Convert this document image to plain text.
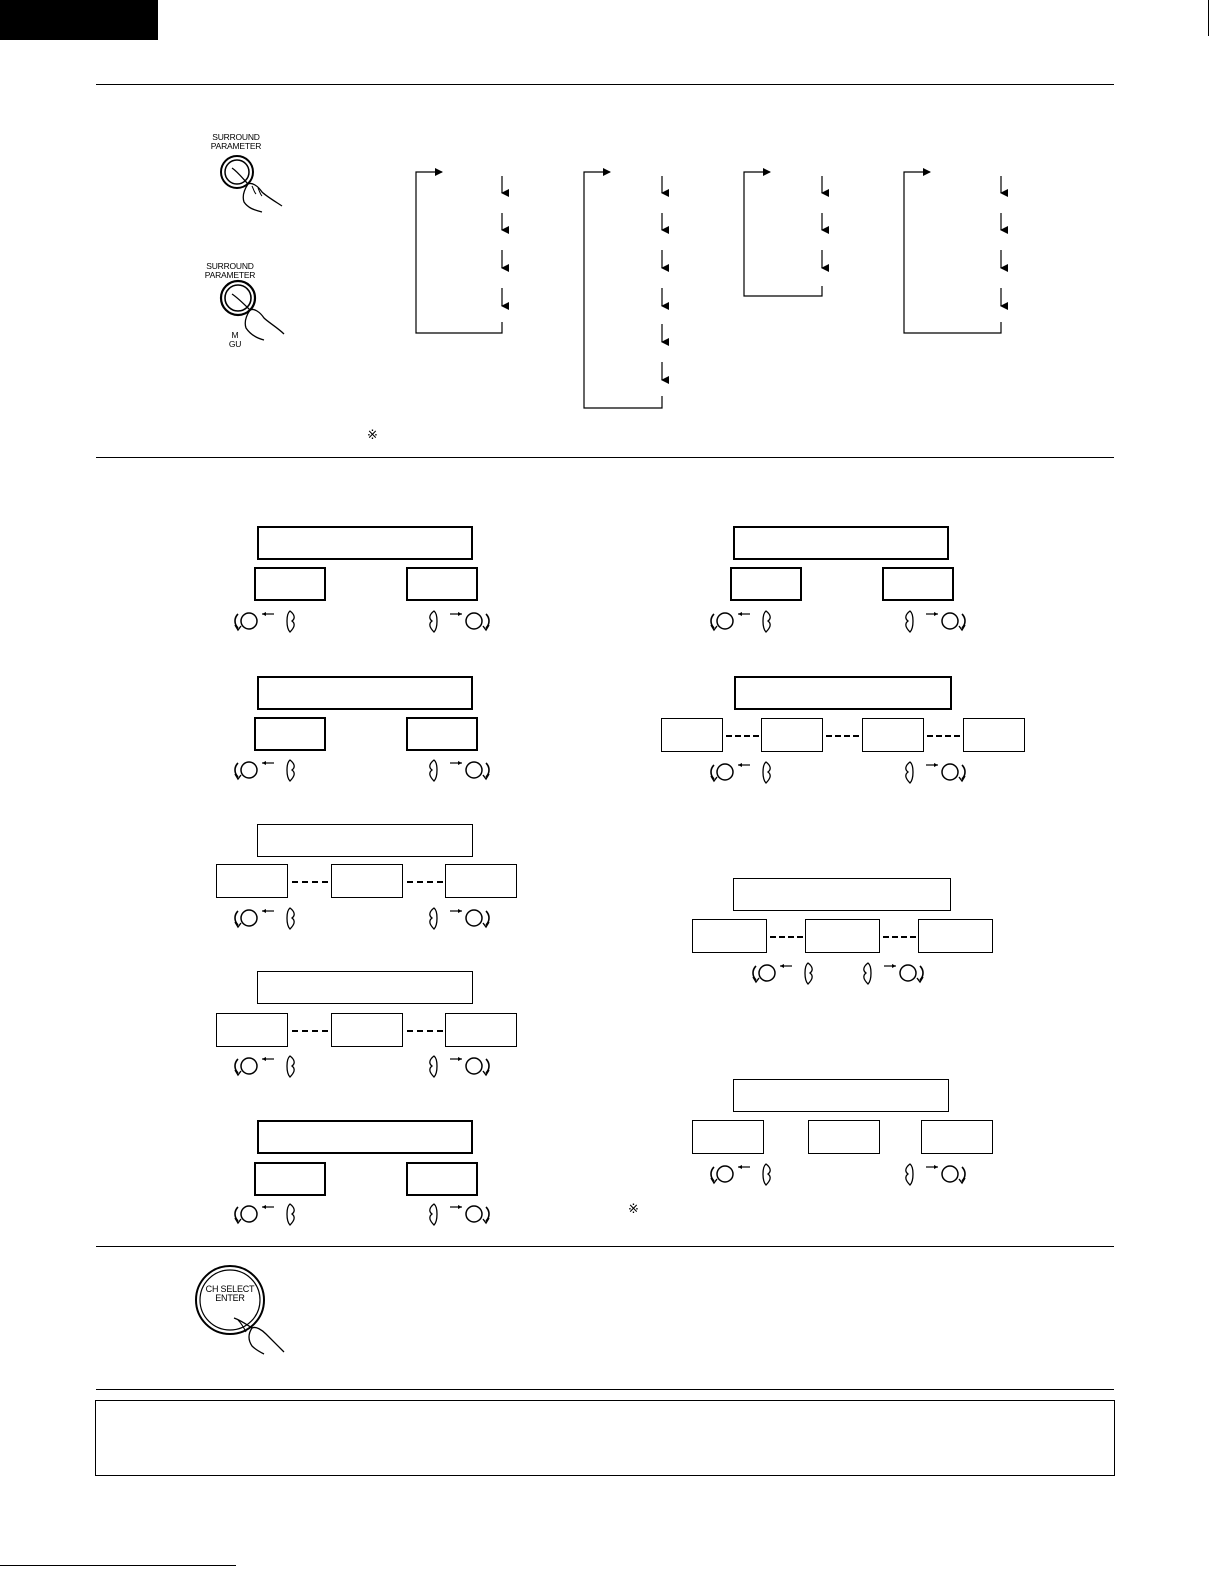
SURROUND
PARAMETER
SURROUND
PARAMETER
M
GU
※
※
CH SELECT
ENTER
